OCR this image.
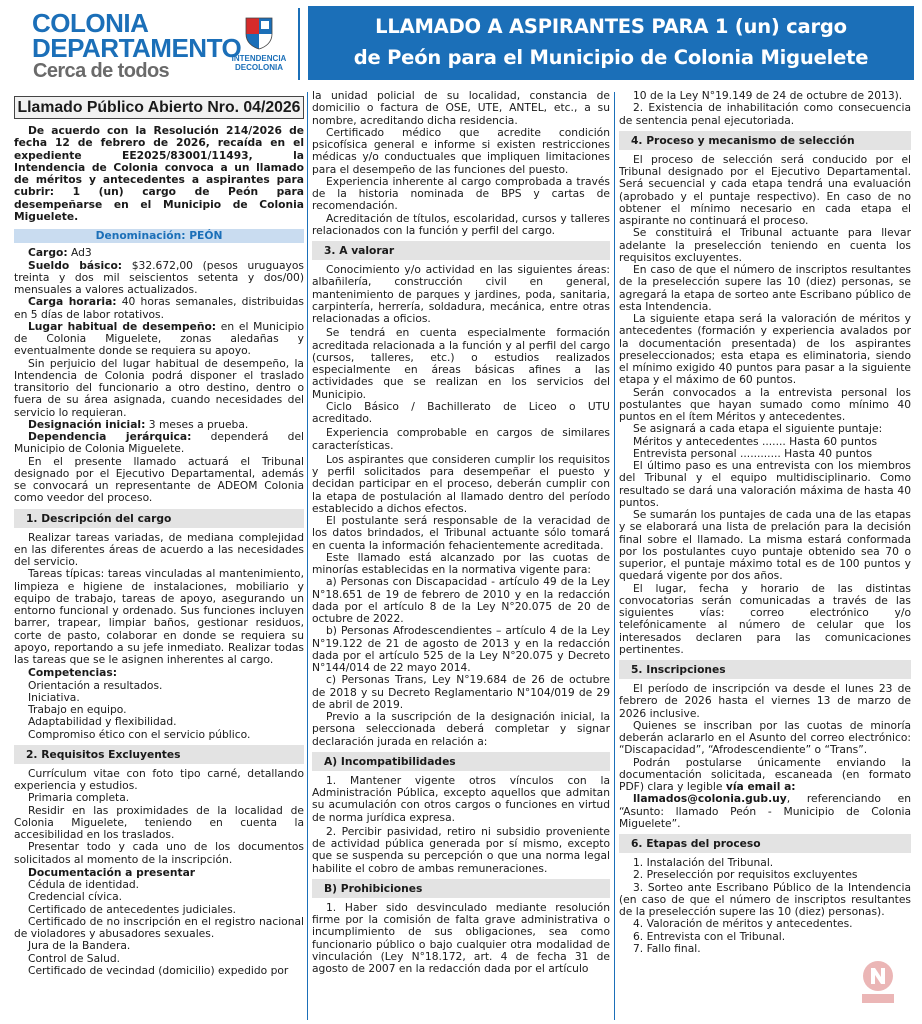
COLONIA
DEPARTAMENTO
Cerca de todos
INTENDENCIA
DECOLONIA
LLAMADO A ASPIRANTES PARA 1 (un) cargo
de Peón para el Municipio de Colonia Miguelete
Llamado Público Abierto Nro. 04/2026

De acuerdo con la Resolución 214/2026 de fecha 12 de febrero de 2026, recaída en el expediente EE2025/83001/11493, la Intendencia de Colonia convoca a un llamado de méritos y antecedentes a aspirantes para cubrir: 1 (un) cargo de Peón para desempeñarse en el Municipio de Colonia Miguelete.

Denominación: PEÓN

Cargo: Ad3

Sueldo básico: $32.672,00 (pesos uruguayos treinta y dos mil seiscientos setenta y dos/00) mensuales a valores actualizados.

Carga horaria: 40 horas semanales, distribuidas en 5 días de labor rotativos.

Lugar habitual de desempeño: en el Municipio de Colonia Miguelete, zonas aledañas y eventualmente donde se requiera su apoyo.

Sin perjuicio del lugar habitual de desempeño, la Intendencia de Colonia podrá disponer el traslado transitorio del funcionario a otro destino, dentro o fuera de su área asignada, cuando necesidades del servicio lo requieran.

Designación inicial: 3 meses a prueba.

Dependencia jerárquica: dependerá del Municipio de Colonia Miguelete.

En el presente llamado actuará el Tribunal designado por el Ejecutivo Departamental, además se convocará un representante de ADEOM Colonia como veedor del proceso.

1. Descripción del cargo

Realizar tareas variadas, de mediana complejidad en las diferentes áreas de acuerdo a las necesidades del servicio.

Tareas típicas: tareas vinculadas al mantenimiento, limpieza e higiene de instalaciones, mobiliario y equipo de trabajo, tareas de apoyo, asegurando un entorno funcional y ordenado. Sus funciones incluyen barrer, trapear, limpiar baños, gestionar residuos, corte de pasto, colaborar en donde se requiera su apoyo, reportando a su jefe inmediato. Realizar todas las tareas que se le asignen inherentes al cargo.

Competencias:
Orientación a resultados.
Iniciativa.
Trabajo en equipo.
Adaptabilidad y flexibilidad.
Compromiso ético con el servicio público.
2. Requisitos Excluyentes

Currículum vitae con foto tipo carné, detallando experiencia y estudios.

Primaria completa.

Residir en las proximidades de la localidad de Colonia Miguelete, teniendo en cuenta la accesibilidad en los traslados.

Presentar todo y cada uno de los documentos solicitados al momento de la inscripción.

Documentación a presentar
Cédula de identidad.
Credencial cívica.
Certificado de antecedentes judiciales.

Certificado de no inscripción en el registro nacional de violadores y abusadores sexuales.

Jura de la Bandera.
Control de Salud.

Certificado de vecindad (domicilio) expedido por

la unidad policial de su localidad, constancia de domicilio o factura de OSE, UTE, ANTEL, etc., a su nombre, acreditando dicha residencia.

Certificado médico que acredite condición psicofísica general e informe si existen restricciones médicas y/o conductuales que impliquen limitaciones para el desempeño de las funciones del puesto.

Experiencia inherente al cargo comprobada a través de la historia nominada de BPS y cartas de recomendación.

Acreditación de títulos, escolaridad, cursos y talleres relacionados con la función y perfil del cargo.

3. A valorar

Conocimiento y/o actividad en las siguientes áreas: albañilería, construcción civil en general, mantenimiento de parques y jardines, poda, sanitaria, carpintería, herrería, soldadura, mecánica, entre otras relacionadas a oficios.

Se tendrá en cuenta especialmente formación acreditada relacionada a la función y al perfil del cargo (cursos, talleres, etc.) o estudios realizados especialmente en áreas básicas afines a las actividades que se realizan en los servicios del Municipio.

Ciclo Básico / Bachillerato de Liceo o UTU acreditado.

Experiencia comprobable en cargos de similares características.

Los aspirantes que consideren cumplir los requisitos y perfil solicitados para desempeñar el puesto y decidan participar en el proceso, deberán cumplir con la etapa de postulación al llamado dentro del período establecido a dichos efectos.

El postulante será responsable de la veracidad de los datos brindados, el Tribunal actuante sólo tomará en cuenta la información fehacientemente acreditada.

Este llamado está alcanzado por las cuotas de minorías establecidas en la normativa vigente para:

a) Personas con Discapacidad - artículo 49 de la Ley N°18.651 de 19 de febrero de 2010 y en la redacción dada por el artículo 8 de la Ley N°20.075 de 20 de octubre de 2022.

b) Personas Afrodescendientes – artículo 4 de la Ley N°19.122 de 21 de agosto de 2013 y en la redacción dada por el artículo 525 de la Ley N°20.075 y Decreto N°144/014 de 22 mayo 2014.

c) Personas Trans, Ley N°19.684 de 26 de octubre de 2018 y su Decreto Reglamentario N°104/019 de 29 de abril de 2019.

Previo a la suscripción de la designación inicial, la persona seleccionada deberá completar y signar declaración jurada en relación a:

A) Incompatibilidades

1. Mantener vigente otros vínculos con la Administración Pública, excepto aquellos que admitan su acumulación con otros cargos o funciones en virtud de norma jurídica expresa.

2. Percibir pasividad, retiro ni subsidio proveniente de actividad pública generada por sí mismo, excepto que se suspenda su percepción o que una norma legal habilite el cobro de ambas remuneraciones.

B) Prohibiciones

1. Haber sido desvinculado mediante resolución firme por la comisión de falta grave administrativa o incumplimiento de sus obligaciones, sea como funcionario público o bajo cualquier otra modalidad de vinculación (Ley N°18.172, art. 4 de fecha 31 de agosto de 2007 en la redacción dada por el artículo

10 de la Ley N°19.149 de 24 de octubre de 2013).

2. Existencia de inhabilitación como consecuencia de sentencia penal ejecutoriada.

4. Proceso y mecanismo de selección

El proceso de selección será conducido por el Tribunal designado por el Ejecutivo Departamental. Será secuencial y cada etapa tendrá una evaluación (aprobado y el puntaje respectivo). En caso de no obtener el mínimo necesario en cada etapa el aspirante no continuará el proceso.

Se constituirá el Tribunal actuante para llevar adelante la preselección teniendo en cuenta los requisitos excluyentes.

En caso de que el número de inscriptos resultantes de la preselección supere las 10 (diez) personas, se agregará la etapa de sorteo ante Escribano público de esta Intendencia.

La siguiente etapa será la valoración de méritos y antecedentes (formación y experiencia avalados por la documentación presentada) de los aspirantes preseleccionados; esta etapa es eliminatoria, siendo el mínimo exigido 40 puntos para pasar a la siguiente etapa y el máximo de 60 puntos.

Serán convocados a la entrevista personal los postulantes que hayan sumado como mínimo 40 puntos en el ítem Méritos y antecedentes.

Se asignará a cada etapa el siguiente puntaje:

Méritos y antecedentes ....... Hasta 60 puntos

Entrevista personal ............ Hasta 40 puntos

El último paso es una entrevista con los miembros del Tribunal y el equipo multidisciplinario. Como resultado se dará una valoración máxima de hasta 40 puntos.

Se sumarán los puntajes de cada una de las etapas y se elaborará una lista de prelación para la decisión final sobre el llamado. La misma estará conformada por los postulantes cuyo puntaje obtenido sea 70 o superior, el puntaje máximo total es de 100 puntos y quedará vigente por dos años.

El lugar, fecha y horario de las distintas convocatorias serán comunicadas a través de las siguientes vías: correo electrónico y/o telefónicamente al número de celular que los interesados declaren para las comunicaciones pertinentes.

5. Inscripciones

El período de inscripción va desde el lunes 23 de febrero de 2026 hasta el viernes 13 de marzo de 2026 inclusive.

Quienes se inscriban por las cuotas de minoría deberán aclararlo en el Asunto del correo electrónico: “Discapacidad”, “Afrodescendiente” o “Trans”.

Podrán postularse únicamente enviando la documentación solicitada, escaneada (en formato PDF) clara y legible vía email a:

llamados@colonia.gub.uy, referenciando en “Asunto: llamado Peón - Municipio de Colonia Miguelete”.

6. Etapas del proceso

1. Instalación del Tribunal.

2. Preselección por requisitos excluyentes

3. Sorteo ante Escribano Público de la Intendencia (en caso de que el número de inscriptos resultantes de la preselección supere las 10 (diez) personas).

4. Valoración de méritos y antecedentes.

6. Entrevista con el Tribunal.

7. Fallo final.
